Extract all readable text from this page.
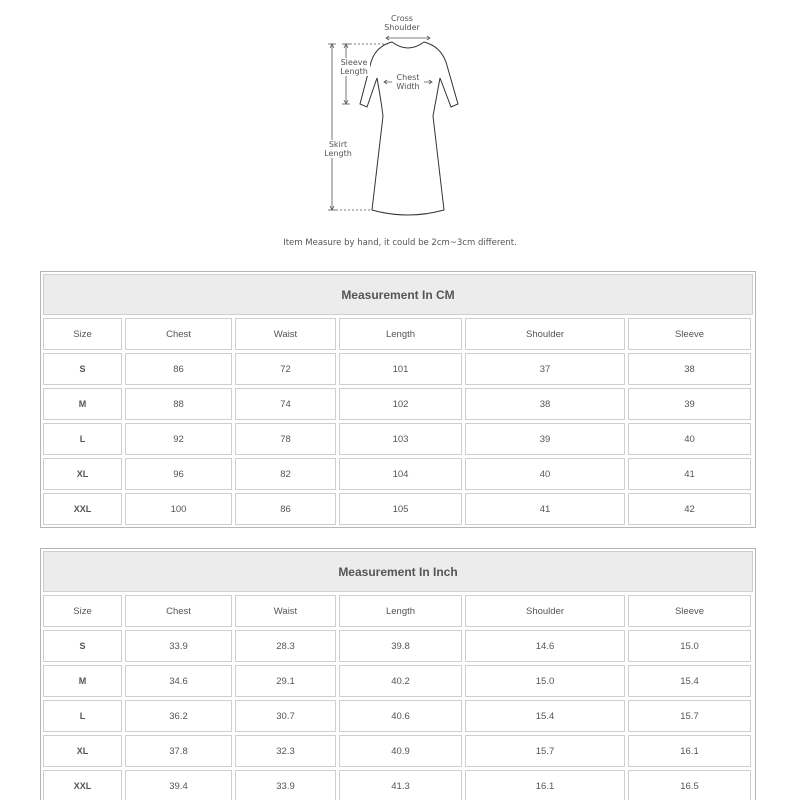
Cross
Shoulder
Sleeve
Length
Chest
Width
Skirt
Length
Item Measure by hand, it could be 2cm~3cm different.
Measurement In CM
Size	Chest	Waist	Length	Shoulder	Sleeve
S	86	72	101	37	38
M	88	74	102	38	39
L	92	78	103	39	40
XL	96	82	104	40	41
XXL	100	86	105	41	42
Measurement In Inch
Size	Chest	Waist	Length	Shoulder	Sleeve
S	33.9	28.3	39.8	14.6	15.0
M	34.6	29.1	40.2	15.0	15.4
L	36.2	30.7	40.6	15.4	15.7
XL	37.8	32.3	40.9	15.7	16.1
XXL	39.4	33.9	41.3	16.1	16.5
